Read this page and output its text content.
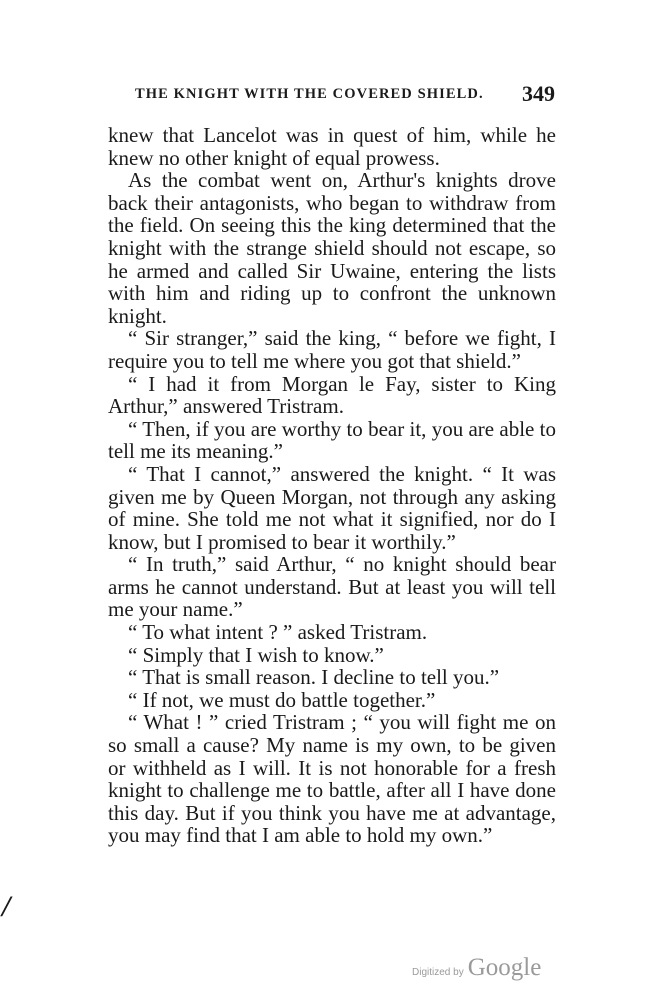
THE KNIGHT WITH THE COVERED SHIELD. 349

knew that Lancelot was in quest of him, while he knew no other knight of equal prowess.

As the combat went on, Arthur's knights drove back their antagonists, who began to withdraw from the field. On seeing this the king determined that the knight with the strange shield should not escape, so he armed and called Sir Uwaine, entering the lists with him and riding up to confront the unknown knight.

“ Sir stranger,” said the king, “ before we fight, I require you to tell me where you got that shield.”

“ I had it from Morgan le Fay, sister to King Arthur,” answered Tristram.

“ Then, if you are worthy to bear it, you are able to tell me its meaning.”

“ That I cannot,” answered the knight. “ It was given me by Queen Morgan, not through any asking of mine. She told me not what it signified, nor do I know, but I promised to bear it worthily.”

“ In truth,” said Arthur, “ no knight should bear arms he cannot understand. But at least you will tell me your name.”

“ To what intent ? ” asked Tristram.

“ Simply that I wish to know.”

“ That is small reason. I decline to tell you.”

“ If not, we must do battle together.”

“ What ! ” cried Tristram ; “ you will fight me on so small a cause? My name is my own, to be given or withheld as I will. It is not honorable for a fresh knight to challenge me to battle, after all I have done this day. But if you think you have me at advantage, you may find that I am able to hold my own.”

/
Digitized by Google
